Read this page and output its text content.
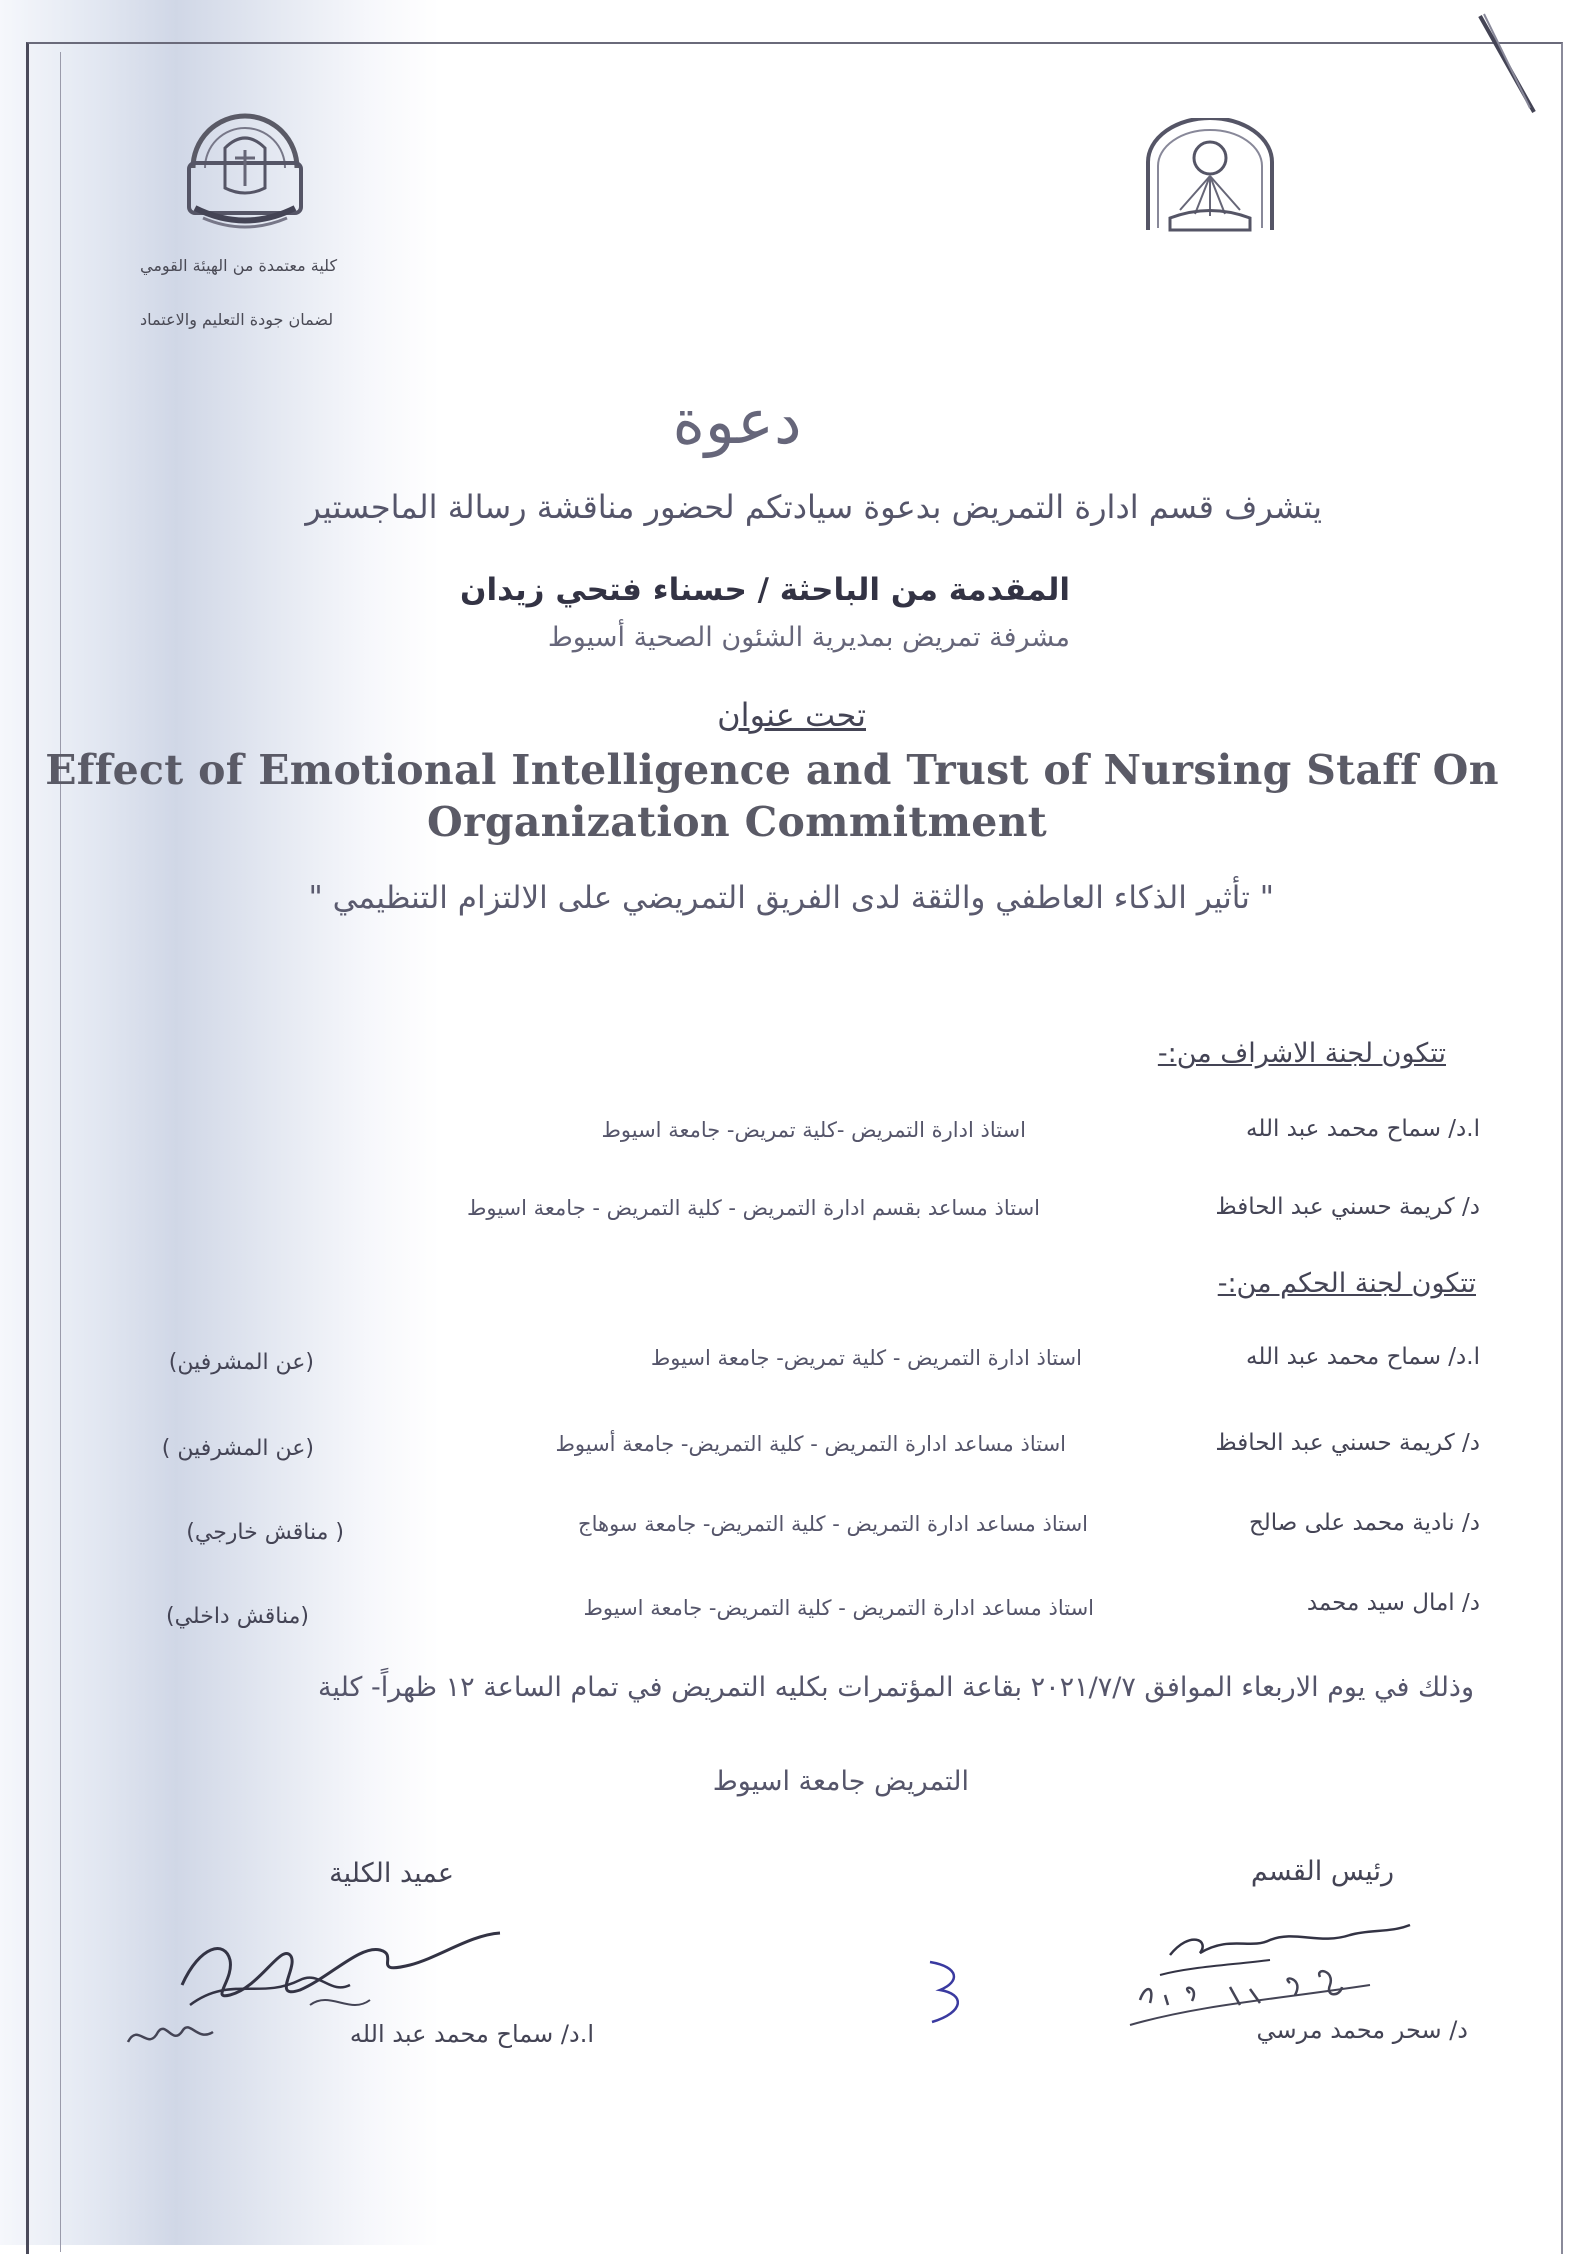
كلية معتمدة من الهيئة القومي
لضمان جودة التعليم والاعتماد
دعوة
يتشرف قسم ادارة التمريض بدعوة سيادتكم لحضور مناقشة رسالة الماجستير
المقدمة من الباحثة / حسناء فتحي زيدان
مشرفة تمريض بمديرية الشئون الصحية أسيوط
تحت عنوان
Effect of Emotional Intelligence and Trust of Nursing Staff On
Organization Commitment
" تأثير الذكاء العاطفي والثقة لدى الفريق التمريضي على الالتزام التنظيمي "
تتكون لجنة الاشراف من:-
ا.د/ سماح محمد عبد الله
استاذ ادارة التمريض -كلية تمريض- جامعة اسيوط
د/ كريمة حسني عبد الحافظ
استاذ مساعد بقسم ادارة التمريض - كلية التمريض - جامعة اسيوط
تتكون لجنة الحكم من:-
ا.د/ سماح محمد عبد الله
استاذ ادارة التمريض - كلية تمريض- جامعة اسيوط
(عن المشرفين)
د/ كريمة حسني عبد الحافظ
استاذ مساعد ادارة التمريض - كلية التمريض- جامعة أسيوط
(عن المشرفين )
د/ نادية محمد على صالح
استاذ مساعد ادارة التمريض - كلية التمريض- جامعة سوهاج
( مناقش خارجي)
د/ امال سيد محمد
استاذ مساعد ادارة التمريض - كلية التمريض- جامعة اسيوط
(مناقش داخلي)
وذلك في يوم الاربعاء الموافق ٢٠٢١/٧/٧ بقاعة المؤتمرات بكليه التمريض في تمام الساعة ١٢ ظهراً- كلية
التمريض جامعة اسيوط
عميد الكلية	رئيس القسم
ا.د/ سماح محمد عبد الله	د/ سحر محمد مرسي
